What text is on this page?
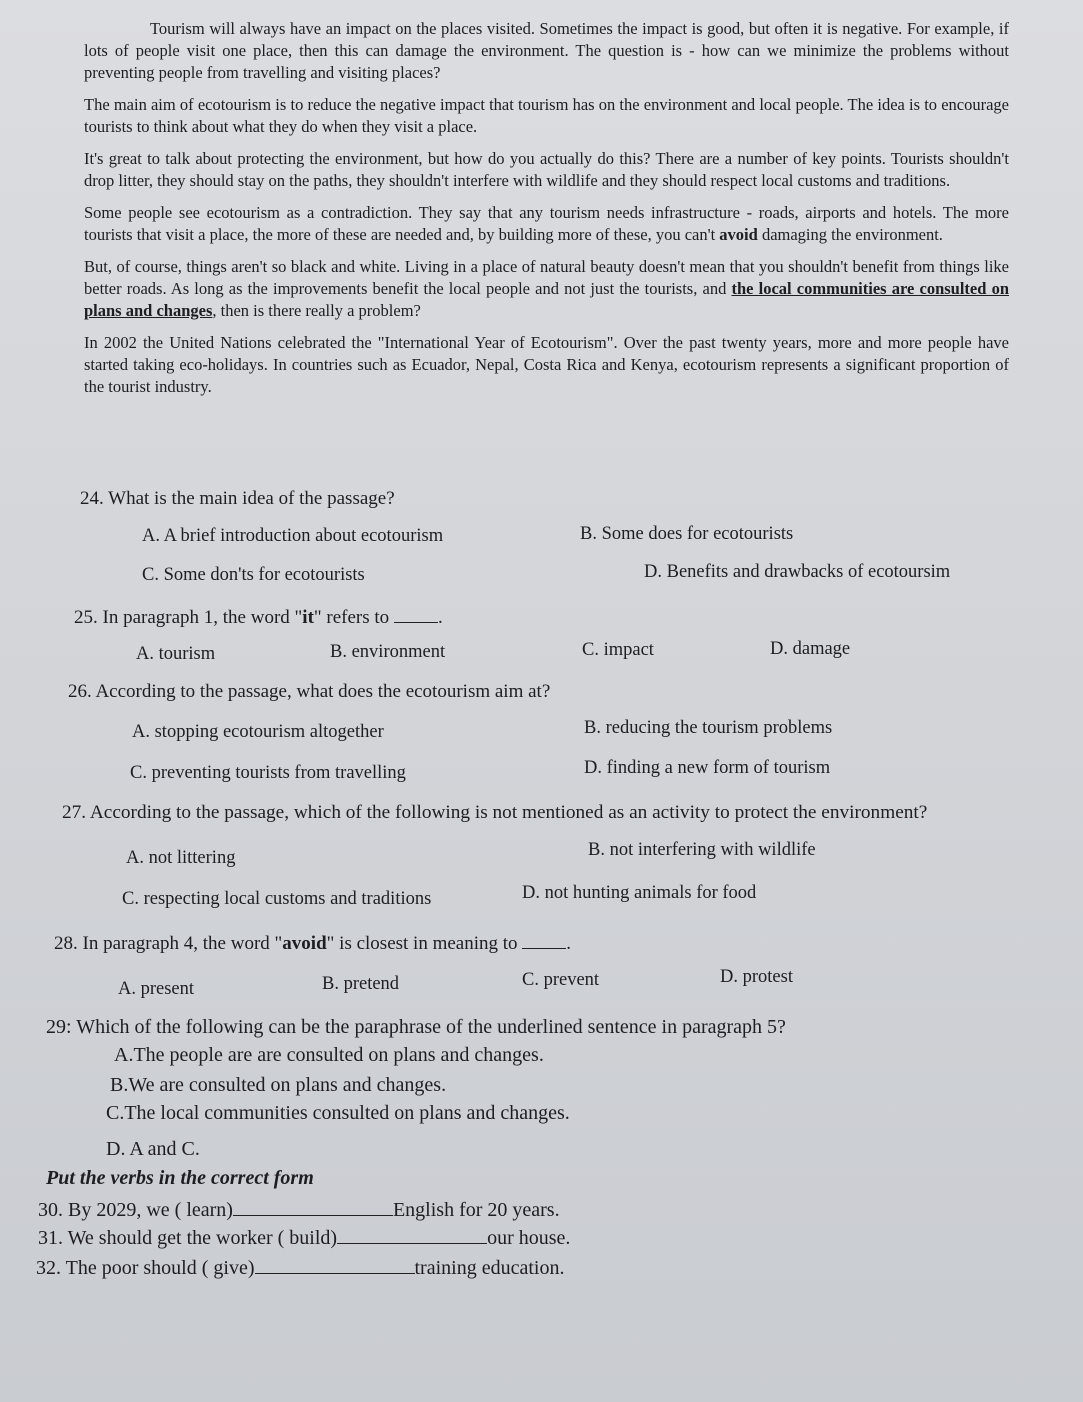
Tourism will always have an impact on the places visited. Sometimes the impact is good, but often it is negative. For example, if lots of people visit one place, then this can damage the environment. The question is - how can we minimize the problems without preventing people from travelling and visiting places?

The main aim of ecotourism is to reduce the negative impact that tourism has on the environment and local people. The idea is to encourage tourists to think about what they do when they visit a place.

It's great to talk about protecting the environment, but how do you actually do this? There are a number of key points. Tourists shouldn't drop litter, they should stay on the paths, they shouldn't interfere with wildlife and they should respect local customs and traditions.

Some people see ecotourism as a contradiction. They say that any tourism needs infrastructure - roads, airports and hotels. The more tourists that visit a place, the more of these are needed and, by building more of these, you can't avoid damaging the environment.

But, of course, things aren't so black and white. Living in a place of natural beauty doesn't mean that you shouldn't benefit from things like better roads. As long as the improvements benefit the local people and not just the tourists, and the local communities are consulted on plans and changes, then is there really a problem?

In 2002 the United Nations celebrated the "International Year of Ecotourism". Over the past twenty years, more and more people have started taking eco-holidays. In countries such as Ecuador, Nepal, Costa Rica and Kenya, ecotourism represents a significant proportion of the tourist industry.

24. What is the main idea of the passage?
A. A brief introduction about ecotourism	B. Some does for ecotourists
C. Some don'ts for ecotourists	D. Benefits and drawbacks of ecotoursim
25. In paragraph 1, the word "it" refers to	.
A. tourism	B. environment	C. impact	D. damage
26. According to the passage, what does the ecotourism aim at?
A. stopping ecotourism altogether	B. reducing the tourism problems
C. preventing tourists from travelling	D. finding a new form of tourism
27. According to the passage, which of the following is not mentioned as an activity to protect the environment?
A. not littering	B. not interfering with wildlife
C. respecting local customs and traditions	D. not hunting animals for food
28. In paragraph 4, the word "avoid" is closest in meaning to	.
A. present	B. pretend	C. prevent	D. protest
29: Which of the following can be the paraphrase of the underlined sentence in paragraph 5?
A.The people are are consulted on plans and changes.
B.We are consulted on plans and changes.
C.The local communities consulted on plans and changes.
D. A and C.
Put the verbs in the correct form
30. By 2029, we ( learn)	English for 20 years.
31. We should get the worker ( build)	our house.
32. The poor should ( give)	training education.
